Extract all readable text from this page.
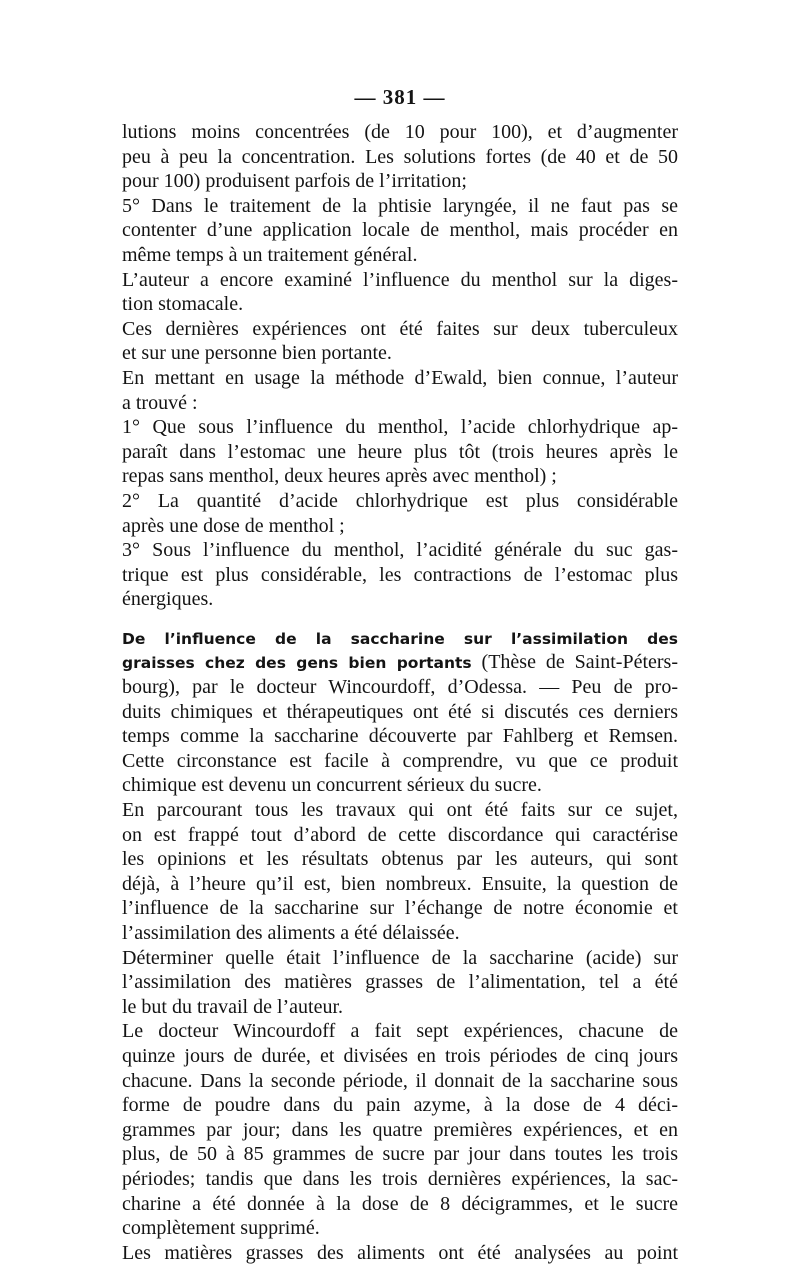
— 381 —
lutions moins concentrées (de 10 pour 100), et d’augmenter
peu à peu la concentration. Les solutions fortes (de 40 et de 50
pour 100) produisent parfois de l’irritation;
5° Dans le traitement de la phtisie laryngée, il ne faut pas se
contenter d’une application locale de menthol, mais procéder en
même temps à un traitement général.
L’auteur a encore examiné l’influence du menthol sur la diges-
tion stomacale.
Ces dernières expériences ont été faites sur deux tuberculeux
et sur une personne bien portante.
En mettant en usage la méthode d’Ewald, bien connue, l’auteur
a trouvé :
1° Que sous l’influence du menthol, l’acide chlorhydrique ap-
paraît dans l’estomac une heure plus tôt (trois heures après le
repas sans menthol, deux heures après avec menthol) ;
2° La quantité d’acide chlorhydrique est plus considérable
après une dose de menthol ;
3° Sous l’influence du menthol, l’acidité générale du suc gas-
trique est plus considérable, les contractions de l’estomac plus
énergiques.
De l’influence de la saccharine sur l’assimilation des
graisses chez des gens bien portants (Thèse de Saint-Péters-
bourg), par le docteur Wincourdoff, d’Odessa. — Peu de pro-
duits chimiques et thérapeutiques ont été si discutés ces derniers
temps comme la saccharine découverte par Fahlberg et Remsen.
Cette circonstance est facile à comprendre, vu que ce produit
chimique est devenu un concurrent sérieux du sucre.
En parcourant tous les travaux qui ont été faits sur ce sujet,
on est frappé tout d’abord de cette discordance qui caractérise
les opinions et les résultats obtenus par les auteurs, qui sont
déjà, à l’heure qu’il est, bien nombreux. Ensuite, la question de
l’influence de la saccharine sur l’échange de notre économie et
l’assimilation des aliments a été délaissée.
Déterminer quelle était l’influence de la saccharine (acide) sur
l’assimilation des matières grasses de l’alimentation, tel a été
le but du travail de l’auteur.
Le docteur Wincourdoff a fait sept expériences, chacune de
quinze jours de durée, et divisées en trois périodes de cinq jours
chacune. Dans la seconde période, il donnait de la saccharine sous
forme de poudre dans du pain azyme, à la dose de 4 déci-
grammes par jour; dans les quatre premières expériences, et en
plus, de 50 à 85 grammes de sucre par jour dans toutes les trois
périodes; tandis que dans les trois dernières expériences, la sac-
charine a été donnée à la dose de 8 décigrammes, et le sucre
complètement supprimé.
Les matières grasses des aliments ont été analysées au point
